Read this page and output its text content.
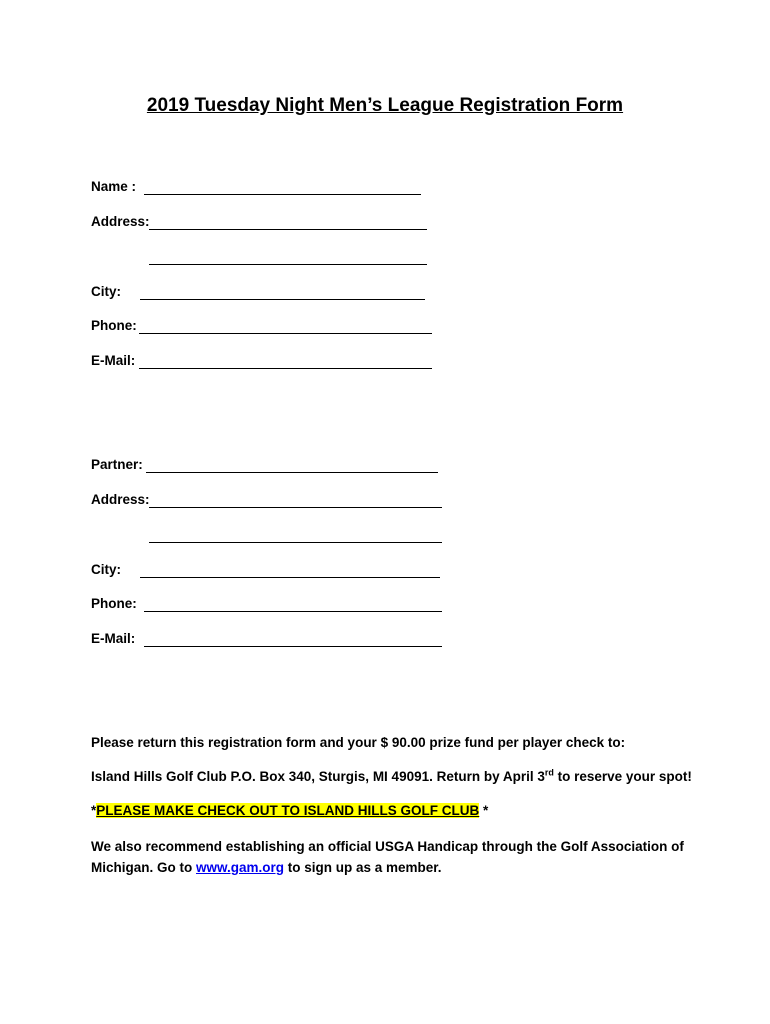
2019 Tuesday Night Men’s League Registration Form
Name :
Address:
City:
Phone:
E-Mail:
Partner:
Address:
City:
Phone:
E-Mail:
Please return this registration form and your $ 90.00 prize fund per player check to:
Island Hills Golf Club P.O. Box 340, Sturgis, MI 49091. Return by April 3rd to reserve your spot!
*PLEASE MAKE CHECK OUT TO ISLAND HILLS GOLF CLUB *
We also recommend establishing an official USGA Handicap through the Golf Association of
Michigan. Go to www.gam.org to sign up as a member.
